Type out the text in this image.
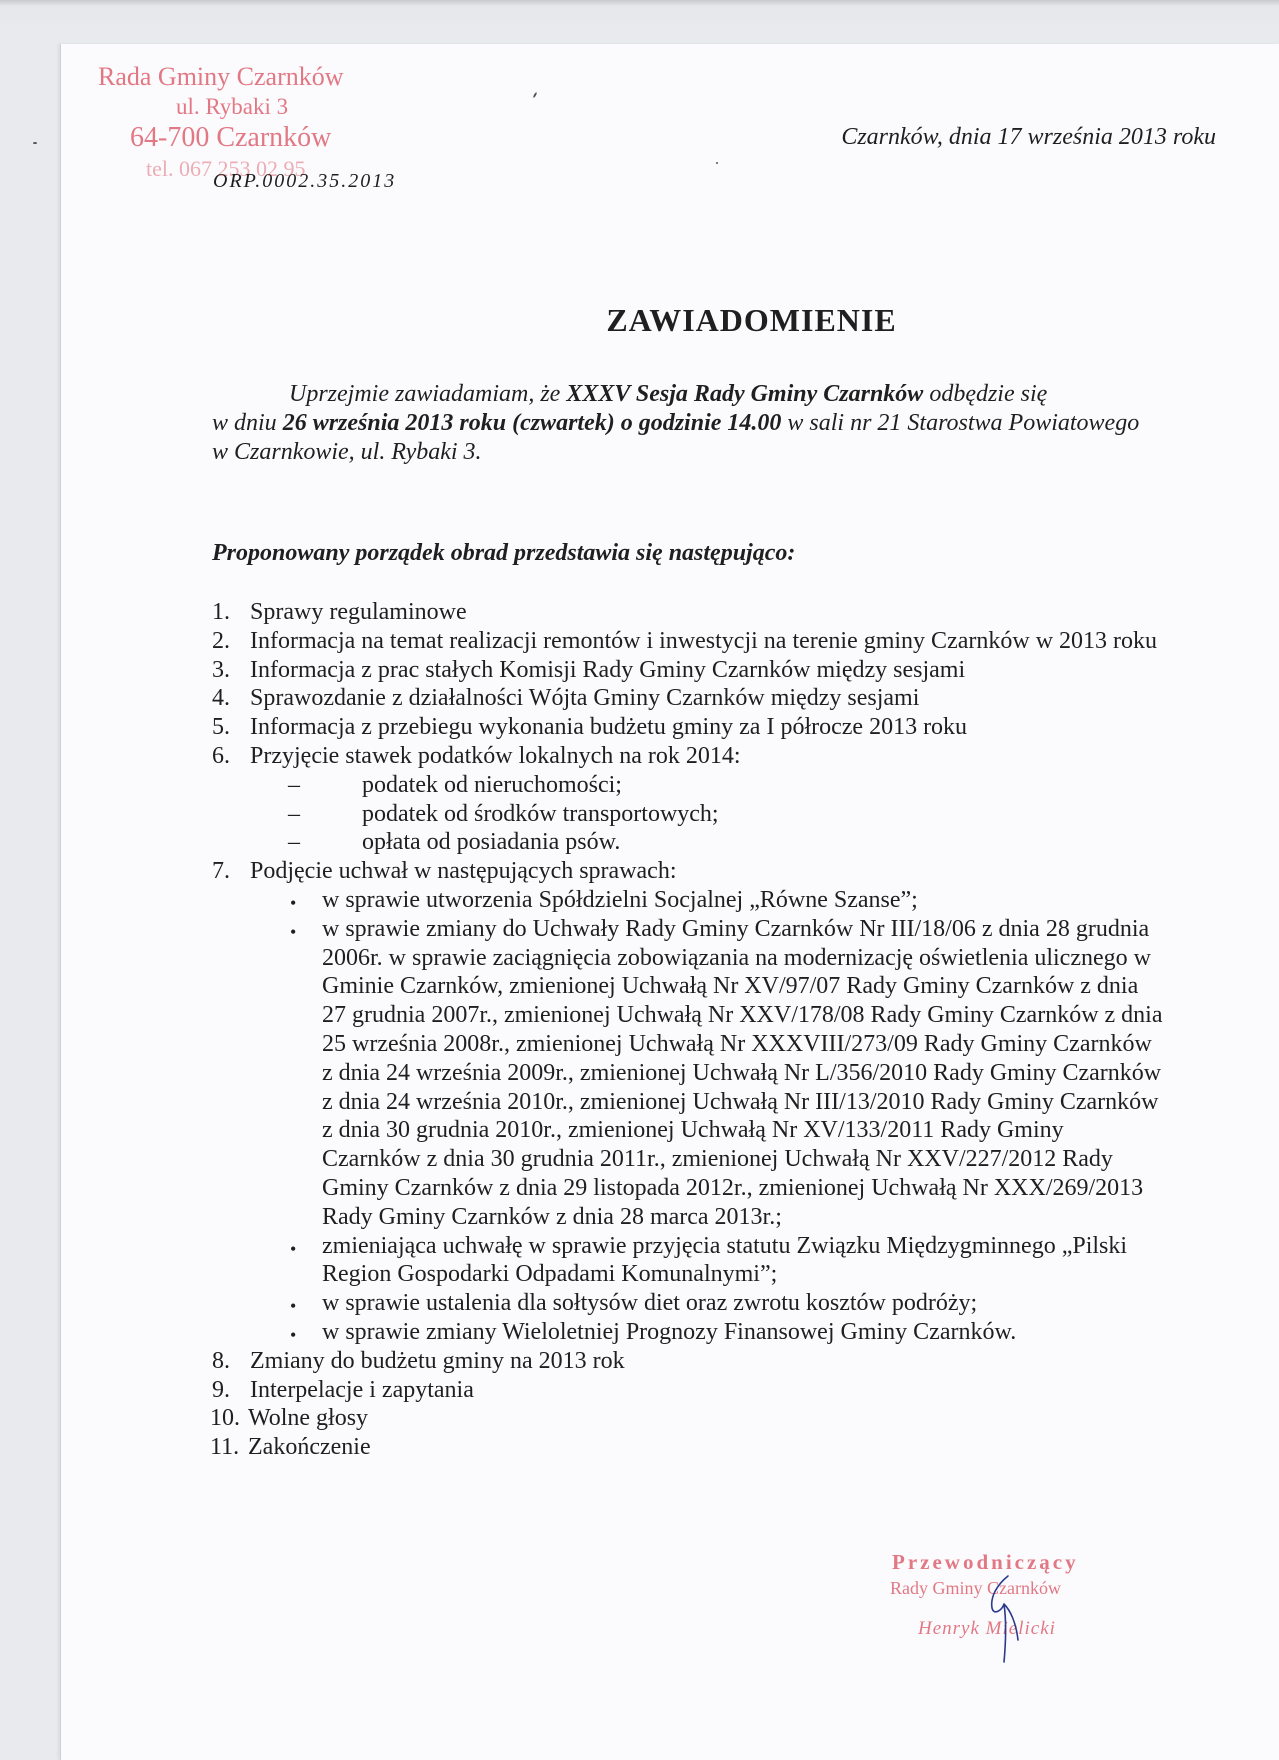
Rada Gminy Czarnków
ul. Rybaki 3
64-700 Czarnków
tel. 067 253 02 95
ORP.0002.35.2013
Czarnków, dnia 17 września 2013 roku
ZAWIADOMIENIE
Uprzejmie zawiadamiam, że XXXV Sesja Rady Gminy Czarnków odbędzie się
w dniu 26 września 2013 roku (czwartek) o godzinie 14.00 w sali nr 21 Starostwa Powiatowego
w Czarnkowie, ul. Rybaki 3.
Proponowany porządek obrad przedstawia się następująco:
1. Sprawy regulaminowe
2. Informacja na temat realizacji remontów i inwestycji na terenie gminy Czarnków w 2013 roku
3. Informacja z prac stałych Komisji Rady Gminy Czarnków między sesjami
4. Sprawozdanie z działalności Wójta Gminy Czarnków między sesjami
5. Informacja z przebiegu wykonania budżetu gminy za I półrocze 2013 roku
6. Przyjęcie stawek podatków lokalnych na rok 2014:
–	podatek od nieruchomości;
–	podatek od środków transportowych;
–	opłata od posiadania psów.
7. Podjęcie uchwał w następujących sprawach:
• w sprawie utworzenia Spółdzielni Socjalnej „Równe Szanse”;
• w sprawie zmiany do Uchwały Rady Gminy Czarnków Nr III/18/06 z dnia 28 grudnia
2006r. w sprawie zaciągnięcia zobowiązania na modernizację oświetlenia ulicznego w
Gminie Czarnków, zmienionej Uchwałą Nr XV/97/07 Rady Gminy Czarnków z dnia
27 grudnia 2007r., zmienionej Uchwałą Nr XXV/178/08 Rady Gminy Czarnków z dnia
25 września 2008r., zmienionej Uchwałą Nr XXXVIII/273/09 Rady Gminy Czarnków
z dnia 24 września 2009r., zmienionej Uchwałą Nr L/356/2010 Rady Gminy Czarnków
z dnia 24 września 2010r., zmienionej Uchwałą Nr III/13/2010 Rady Gminy Czarnków
z dnia 30 grudnia 2010r., zmienionej Uchwałą Nr XV/133/2011 Rady Gminy
Czarnków z dnia 30 grudnia 2011r., zmienionej Uchwałą Nr XXV/227/2012 Rady
Gminy Czarnków z dnia 29 listopada 2012r., zmienionej Uchwałą Nr XXX/269/2013
Rady Gminy Czarnków z dnia 28 marca 2013r.;
• zmieniająca uchwałę w sprawie przyjęcia statutu Związku Międzygminnego „Pilski
Region Gospodarki Odpadami Komunalnymi”;
• w sprawie ustalenia dla sołtysów diet oraz zwrotu kosztów podróży;
• w sprawie zmiany Wieloletniej Prognozy Finansowej Gminy Czarnków.
8. Zmiany do budżetu gminy na 2013 rok
9. Interpelacje i zapytania
10. Wolne głosy
11. Zakończenie
Przewodniczący
Rady Gminy Czarnków
Henryk Mielicki
